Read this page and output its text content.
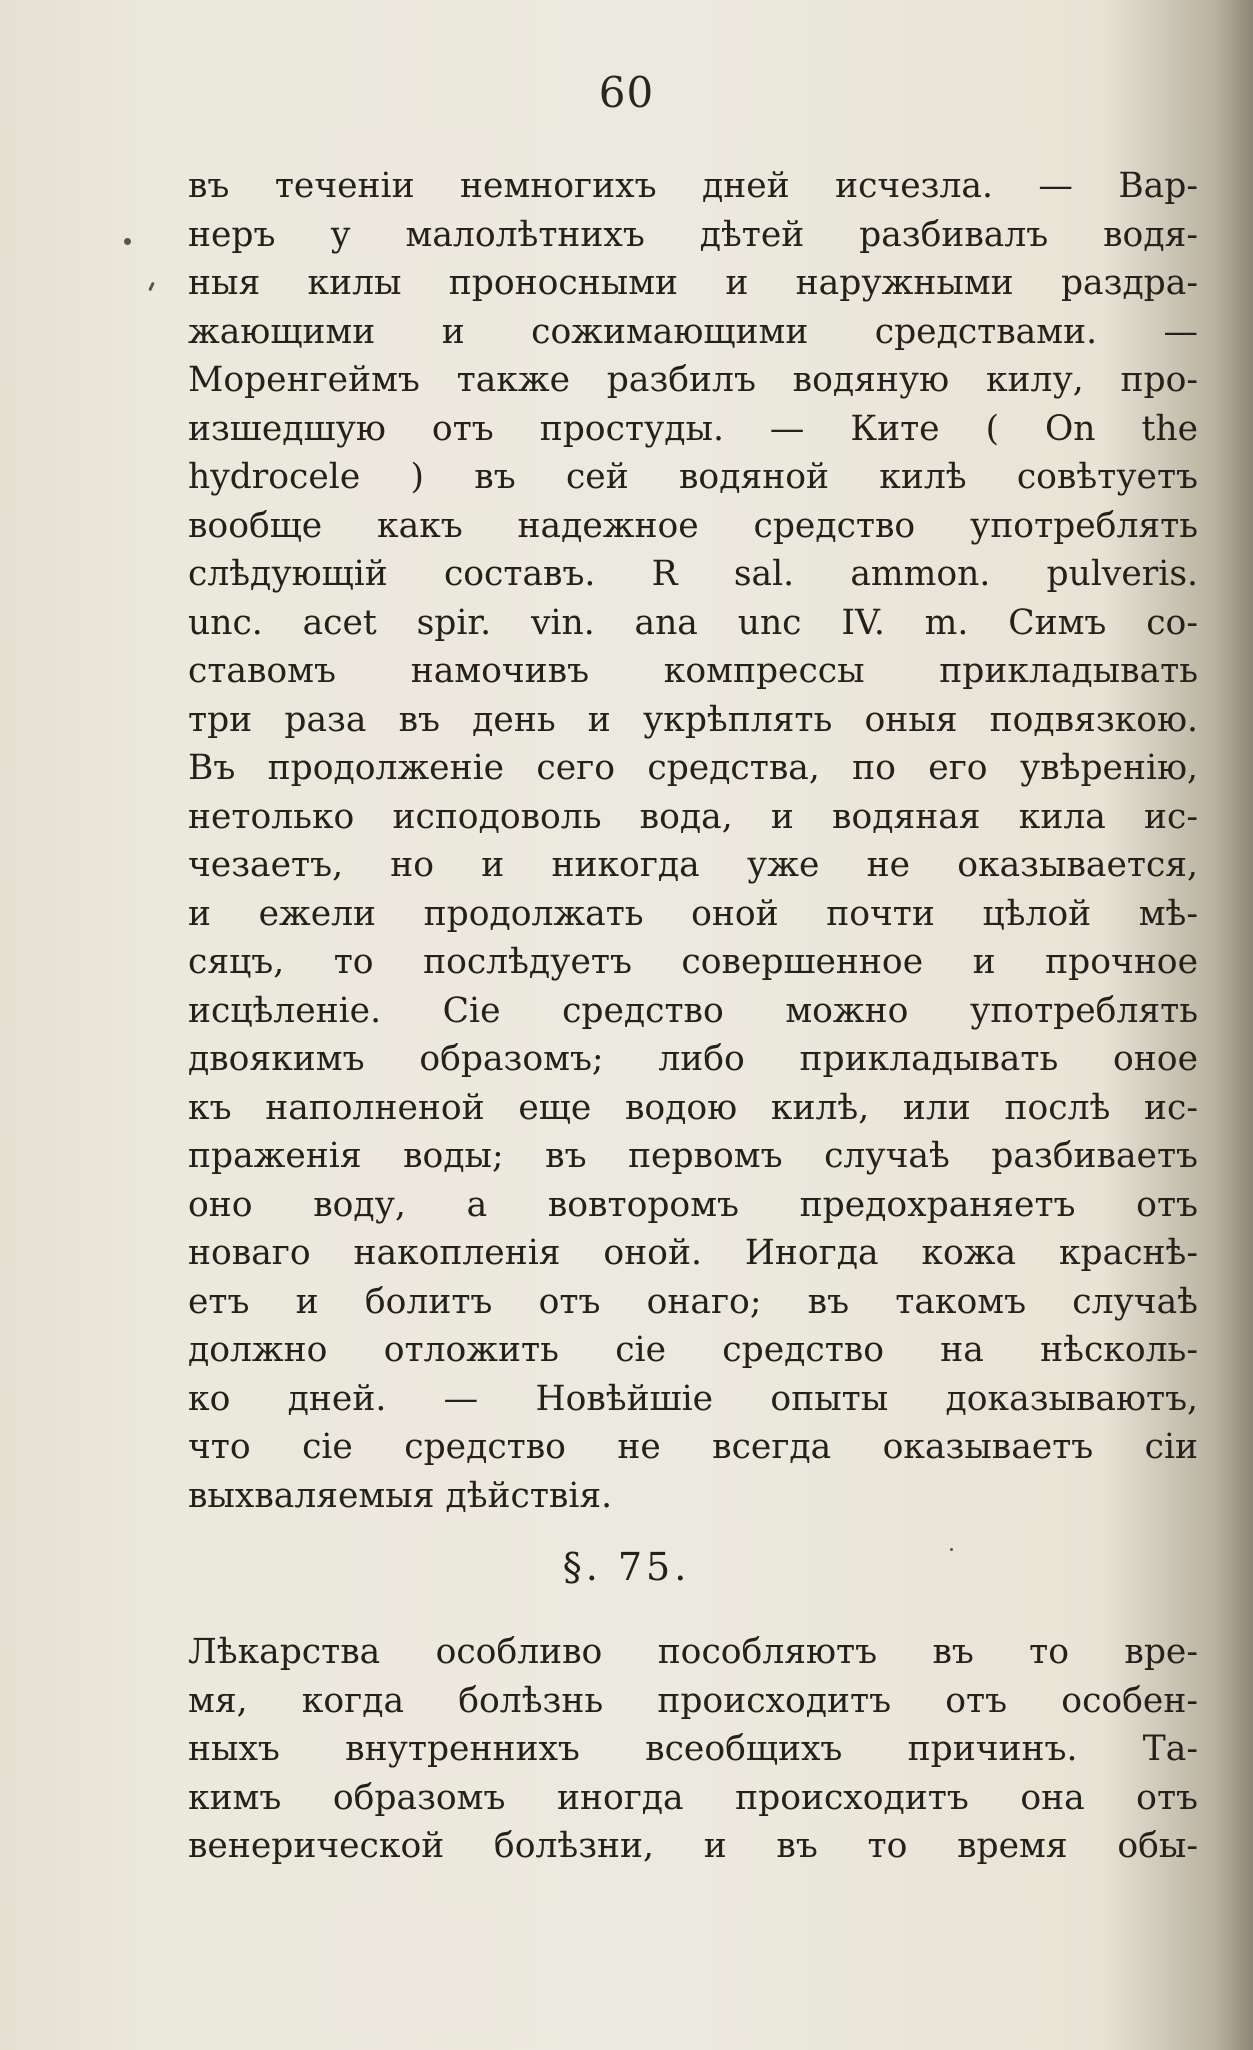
60
въ теченіи немногихъ дней исчезла. — Вар-
неръ у малолѣтнихъ дѣтей разбивалъ водя-
ныя килы проносными и наружными раздра-
жающими и сожимающими средствами. —
Моренгеймъ также разбилъ водяную килу, про-
изшедшую отъ простуды. — Ките ( On the
hydrocele ) въ сей водяной килѣ совѣтуетъ
вообще какъ надежное средство употреблять
слѣдующій составъ. R sal. ammon. pulveris.
unc. acet spir. vin. ana unc IV. m. Симъ со-
ставомъ намочивъ компрессы прикладывать
три раза въ день и укрѣплять оныя подвязкою.
Въ продолженіе сего средства, по его увѣренію,
нетолько исподоволь вода, и водяная кила ис-
чезаетъ, но и никогда уже не оказывается,
и ежели продолжать оной почти цѣлой мѣ-
сяцъ, то послѣдуетъ совершенное и прочное
исцѣленіе. Сіе средство можно употреблять
двоякимъ образомъ; либо прикладывать оное
къ наполненой еще водою килѣ, или послѣ ис-
праженія воды; въ первомъ случаѣ разбиваетъ
оно воду, а вовторомъ предохраняетъ отъ
новаго накопленія оной. Иногда кожа краснѣ-
етъ и болитъ отъ онаго; въ такомъ случаѣ
должно отложить сіе средство на нѣсколь-
ко дней. — Новѣйшіе опыты доказываютъ,
что сіе средство не всегда оказываетъ сіи
выхваляемыя дѣйствія.
§. 75.
Лѣкарства особливо пособляютъ въ то вре-
мя, когда болѣзнь происходитъ отъ особен-
ныхъ внутреннихъ всеобщихъ причинъ. Та-
кимъ образомъ иногда происходитъ она отъ
венерической болѣзни, и въ то время обы-
